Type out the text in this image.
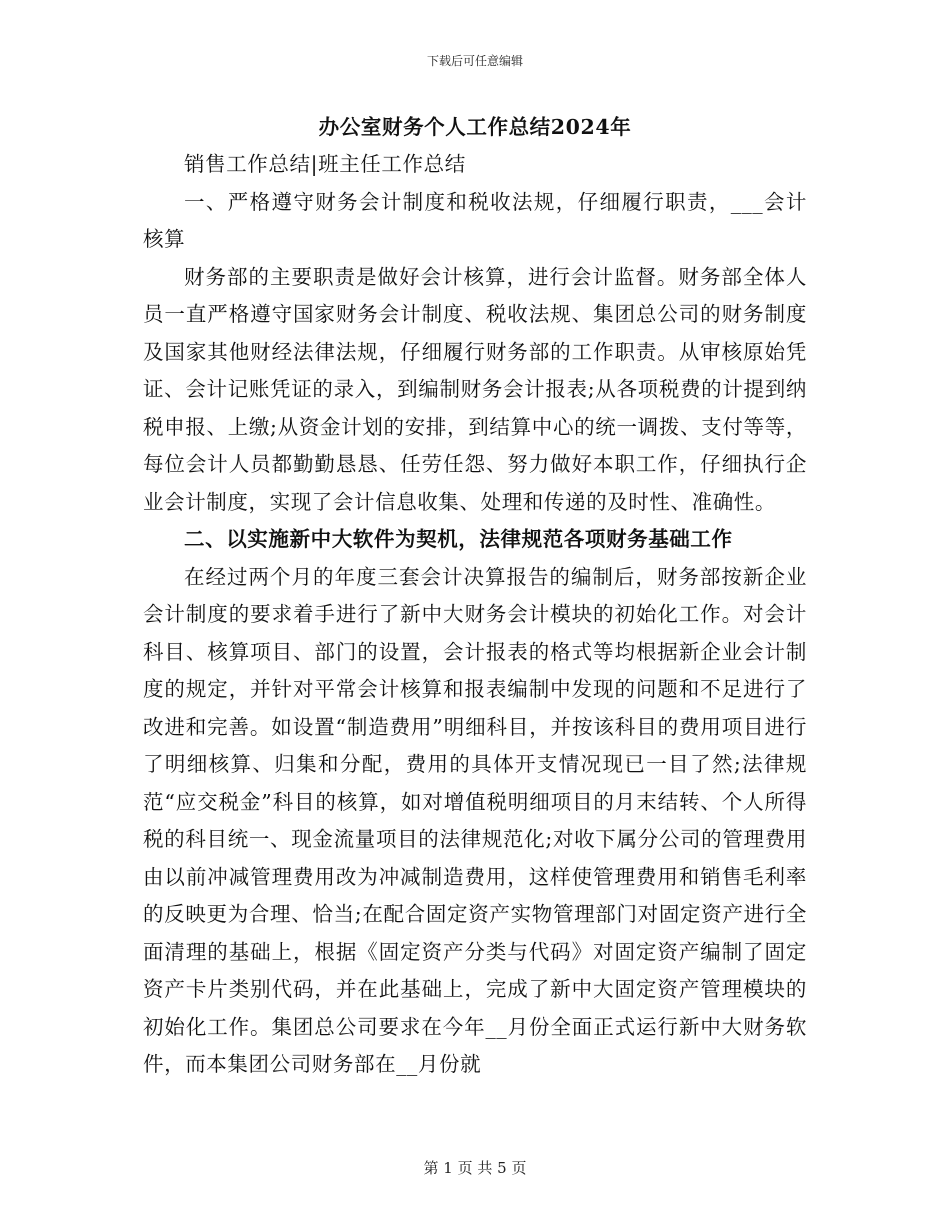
下载后可任意编辑
办公室财务个人工作总结2024年

销售工作总结|班主任工作总结

一、严格遵守财务会计制度和税收法规，仔细履行职责，___会计核算

财务部的主要职责是做好会计核算，进行会计监督。财务部全体人员一直严格遵守国家财务会计制度、税收法规、集团总公司的财务制度及国家其他财经法律法规，仔细履行财务部的工作职责。从审核原始凭证、会计记账凭证的录入，到编制财务会计报表;从各项税费的计提到纳税申报、上缴;从资金计划的安排，到结算中心的统一调拨、支付等等，每位会计人员都勤勤恳恳、任劳任怨、努力做好本职工作，仔细执行企业会计制度，实现了会计信息收集、处理和传递的及时性、准确性。

二、以实施新中大软件为契机，法律规范各项财务基础工作

在经过两个月的年度三套会计决算报告的编制后，财务部按新企业会计制度的要求着手进行了新中大财务会计模块的初始化工作。对会计科目、核算项目、部门的设置，会计报表的格式等均根据新企业会计制度的规定，并针对平常会计核算和报表编制中发现的问题和不足进行了改进和完善。如设置“制造费用”明细科目，并按该科目的费用项目进行了明细核算、归集和分配，费用的具体开支情况现已一目了然;法律规范“应交税金”科目的核算，如对增值税明细项目的月末结转、个人所得税的科目统一、现金流量项目的法律规范化;对收下属分公司的管理费用由以前冲减管理费用改为冲减制造费用，这样使管理费用和销售毛利率的反映更为合理、恰当;在配合固定资产实物管理部门对固定资产进行全面清理的基础上，根据《固定资产分类与代码》对固定资产编制了固定资产卡片类别代码，并在此基础上，完成了新中大固定资产管理模块的初始化工作。集团总公司要求在今年__月份全面正式运行新中大财务软件，而本集团公司财务部在__月份就

第 1 页 共 5 页
